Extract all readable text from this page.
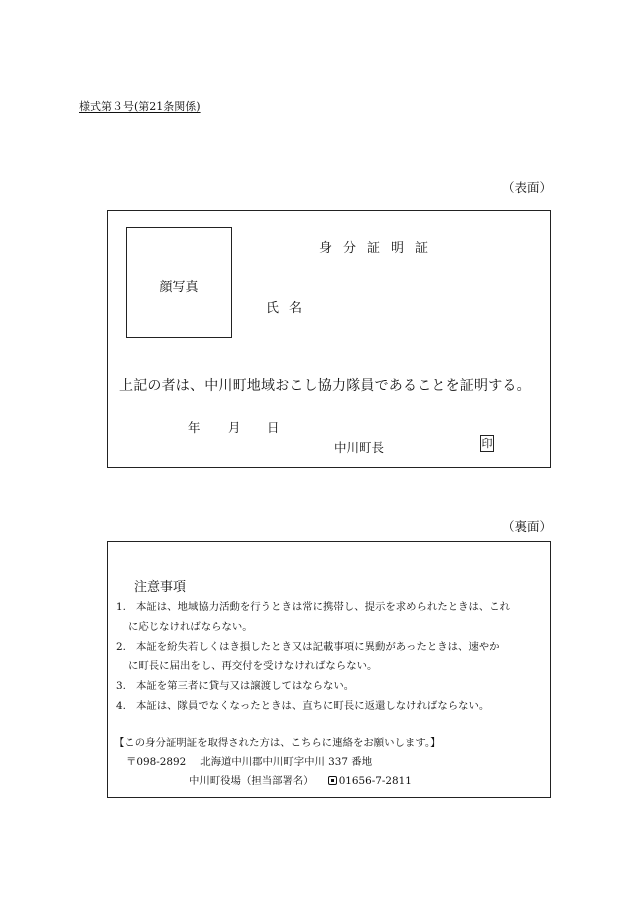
様式第３号(第21条関係)
（表面）
顔写真
身分証明証
氏名
上記の者は、中川町地域おこし協力隊員であることを証明する。
年 月 日
中川町長	印
（裏面）
注意事項
1. 本証は、地域協力活動を行うときは常に携帯し、提示を求められたときは、これ
に応じなければならない。
2. 本証を紛失若しくはき損したとき又は記載事項に異動があったときは、速やか
に町長に届出をし、再交付を受けなければならない。
3. 本証を第三者に貸与又は譲渡してはならない。
4. 本証は、隊員でなくなったときは、直ちに町長に返還しなければならない。
【この身分証明証を取得された方は、こちらに連絡をお願いします。】
〒098-2892 北海道中川郡中川町字中川 337 番地
中川町役場（担当部署名） 01656-7-2811
